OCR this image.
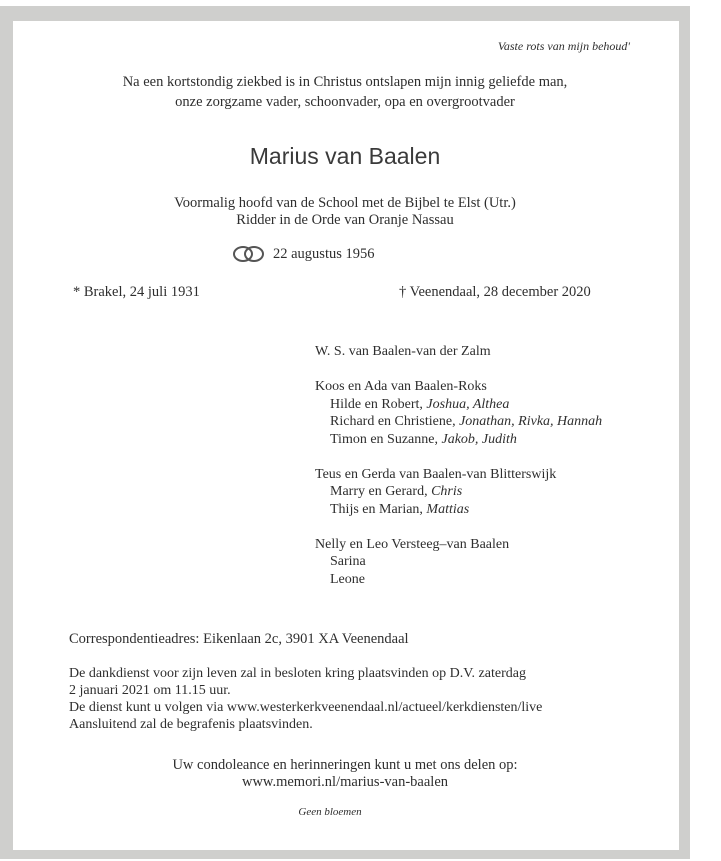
Vaste rots van mijn behoud'
Na een kortstondig ziekbed is in Christus ontslapen mijn innig geliefde man,
onze zorgzame vader, schoonvader, opa en overgrootvader
Marius van Baalen
Voormalig hoofd van de School met de Bijbel te Elst (Utr.)
Ridder in de Orde van Oranje Nassau
22 augustus 1956
* Brakel, 24 juli 1931	† Veenendaal, 28 december 2020
W. S. van Baalen-van der Zalm
Koos en Ada van Baalen-Roks
Hilde en Robert, Joshua, Althea
Richard en Christiene, Jonathan, Rivka, Hannah
Timon en Suzanne, Jakob, Judith
Teus en Gerda van Baalen-van Blitterswijk
Marry en Gerard, Chris
Thijs en Marian, Mattias
Nelly en Leo Versteeg–van Baalen
Sarina
Leone
Correspondentieadres: Eikenlaan 2c, 3901 XA Veenendaal
De dankdienst voor zijn leven zal in besloten kring plaatsvinden op D.V. zaterdag
2 januari 2021 om 11.15 uur.
De dienst kunt u volgen via www.westerkerkveenendaal.nl/actueel/kerkdiensten/live
Aansluitend zal de begrafenis plaatsvinden.
Uw condoleance en herinneringen kunt u met ons delen op:
www.memori.nl/marius-van-baalen
Geen bloemen
